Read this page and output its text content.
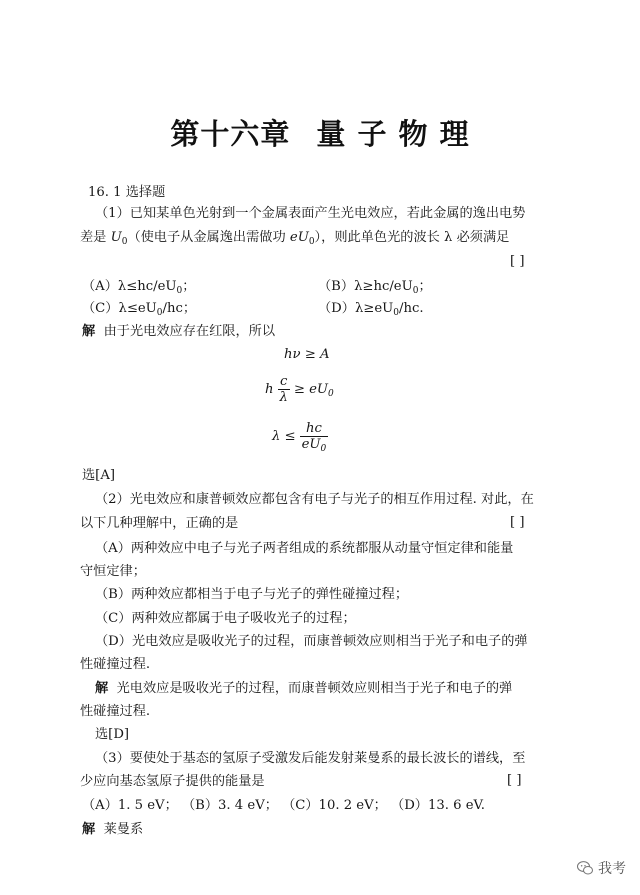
第十六章 量 子 物 理
16. 1 选择题
（1）已知某单色光射到一个金属表面产生光电效应，若此金属的逸出电势
差是 $U_0$（使电子从金属逸出需做功 $eU_0$），则此单色光的波长 λ 必须满足
[ ]
$(A)\lambda\le hc/eU_0$；	$(B)\lambda\ge hc/eU_0$；
$(C)\lambda\le eU_0/hc$；	$(D)\lambda\ge eU_0/hc$.
解 由于光电效应存在红限，所以
hν ≥ A
h $\frac{c}{\lambda} \ge eU_0$
$\lambda \le \frac{hc}{eU_0}$
选[A]
（2）光电效应和康普顿效应都包含有电子与光子的相互作用过程. 对此，在
以下几种理解中，正确的是	[ ]
（A）两种效应中电子与光子两者组成的系统都服从动量守恒定律和能量
守恒定律；
（B）两种效应都相当于电子与光子的弹性碰撞过程；
（C）两种效应都属于电子吸收光子的过程；
（D）光电效应是吸收光子的过程，而康普顿效应则相当于光子和电子的弹
性碰撞过程.
解 光电效应是吸收光子的过程，而康普顿效应则相当于光子和电子的弹
性碰撞过程.
选[D]
（3）要使处于基态的氢原子受激发后能发射莱曼系的最长波长的谱线，至
少应向基态氢原子提供的能量是	[ ]
（A）1. 5 eV； （B）3. 4 eV； （C）10. 2 eV； （D）13. 6 eV.
解 莱曼系
我考
